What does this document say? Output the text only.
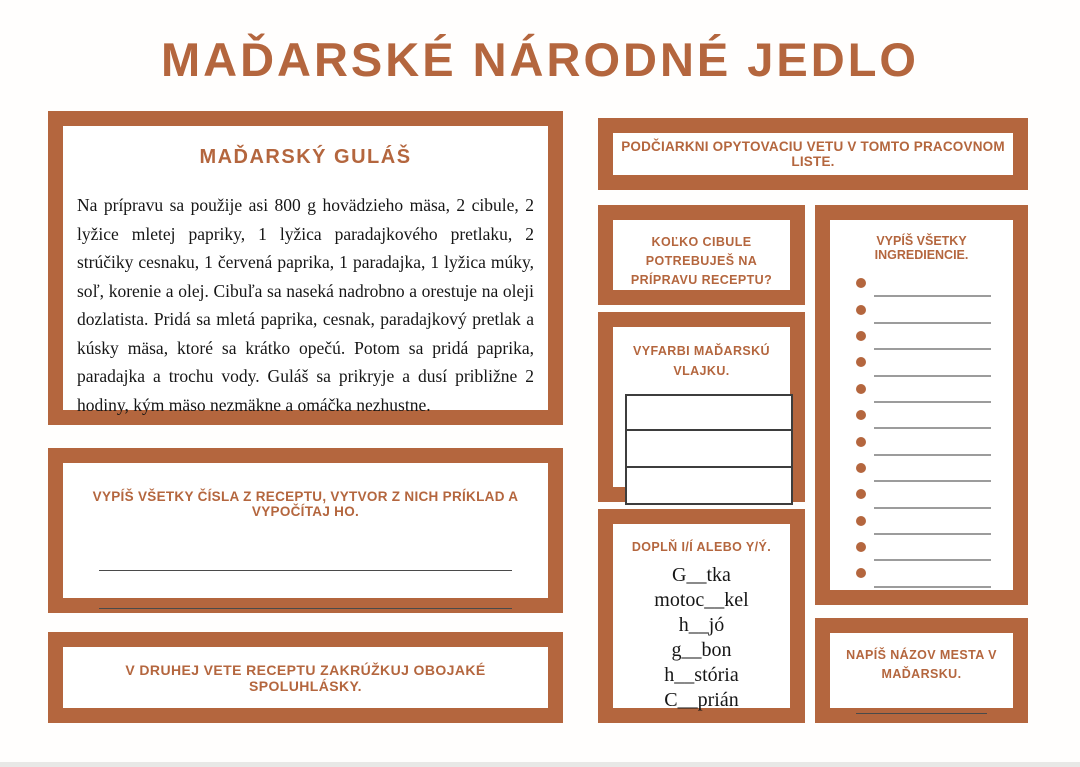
MAĎARSKÉ NÁRODNÉ JEDLO
MAĎARSKÝ GULÁŠ

Na prípravu sa použije asi 800 g hovädzieho mäsa, 2 cibule, 2 lyžice mletej papriky, 1 lyžica paradajkového pretlaku, 2 strúčiky cesnaku, 1 červená paprika, 1 paradajka, 1 lyžica múky, soľ, korenie a olej. Cibuľa sa naseká nadrobno a orestuje na oleji dozlatista. Pridá sa mletá paprika, cesnak, paradajkový pretlak a kúsky mäsa, ktoré sa krátko opečú. Potom sa pridá paprika, paradajka a trochu vody. Guláš sa prikryje a dusí približne 2 hodiny, kým mäso nezmäkne a omáčka nezhustne.

VYPÍŠ VŠETKY ČÍSLA Z RECEPTU, VYTVOR Z NICH PRÍKLAD A VYPOČÍTAJ HO.
V DRUHEJ VETE RECEPTU ZAKRÚŽKUJ OBOJAKÉ SPOLUHLÁSKY.
PODČIARKNI OPYTOVACIU VETU V TOMTO PRACOVNOM LISTE.
KOĽKO CIBULE POTREBUJEŠ NA PRÍPRAVU RECEPTU?
VYFARBI MAĎARSKÚ VLAJKU.
DOPLŇ I/Í ALEBO Y/Ý.
G__tka
motoc__kel
h__jó
g__bon
h__stória
C__prián
VYPÍŠ VŠETKY INGREDIENCIE.
NAPÍŠ NÁZOV MESTA V MAĎARSKU.
